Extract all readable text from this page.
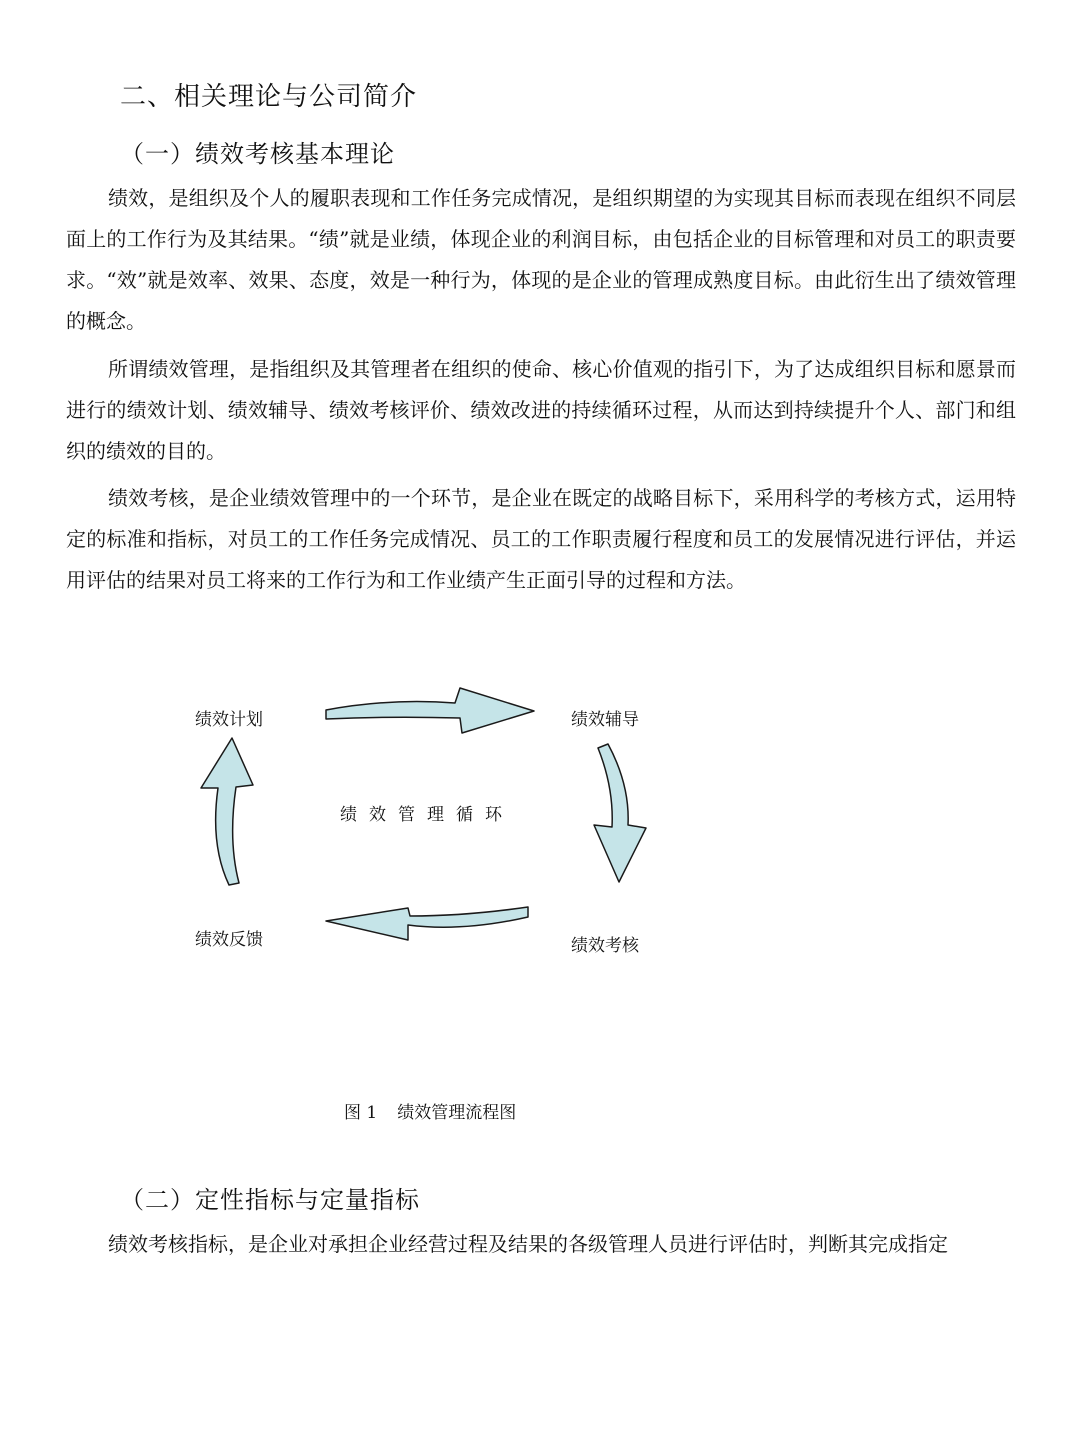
二、相关理论与公司简介
（一）绩效考核基本理论

绩效，是组织及个人的履职表现和工作任务完成情况，是组织期望的为实现其目标而表现在组织不同层面上的工作行为及其结果。“绩”就是业绩，体现企业的利润目标，由包括企业的目标管理和对员工的职责要求。“效”就是效率、效果、态度，效是一种行为，体现的是企业的管理成熟度目标。由此衍生出了绩效管理的概念。

所谓绩效管理，是指组织及其管理者在组织的使命、核心价值观的指引下，为了达成组织目标和愿景而进行的绩效计划、绩效辅导、绩效考核评价、绩效改进的持续循环过程，从而达到持续提升个人、部门和组织的绩效的目的。

绩效考核，是企业绩效管理中的一个环节，是企业在既定的战略目标下，采用科学的考核方式，运用特定的标准和指标，对员工的工作任务完成情况、员工的工作职责履行程度和员工的发展情况进行评估，并运用评估的结果对员工将来的工作行为和工作业绩产生正面引导的过程和方法。

绩效计划	绩效辅导
绩效考核
绩效反馈
绩效管理循环
图 1 绩效管理流程图
（二）定性指标与定量指标

绩效考核指标，是企业对承担企业经营过程及结果的各级管理人员进行评估时，判断其完成指定
